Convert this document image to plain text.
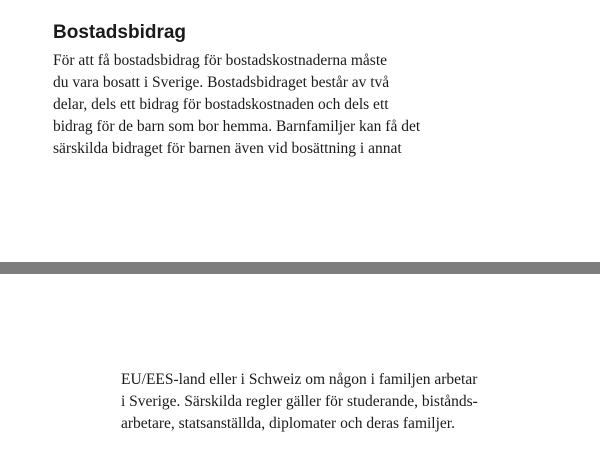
Bostadsbidrag
För att få bostadsbidrag för bostadskostnaderna måste
du vara bosatt i Sverige. Bostadsbidraget består av två
delar, dels ett bidrag för bostadskostnaden och dels ett
bidrag för de barn som bor hemma. Barnfamiljer kan få det
särskilda bidraget för barnen även vid bosättning i annat
EU/EES-land eller i Schweiz om någon i familjen arbetar
i Sverige. Särskilda regler gäller för studerande, bistånds-
arbetare, statsanställda, diplomater och deras familjer.
